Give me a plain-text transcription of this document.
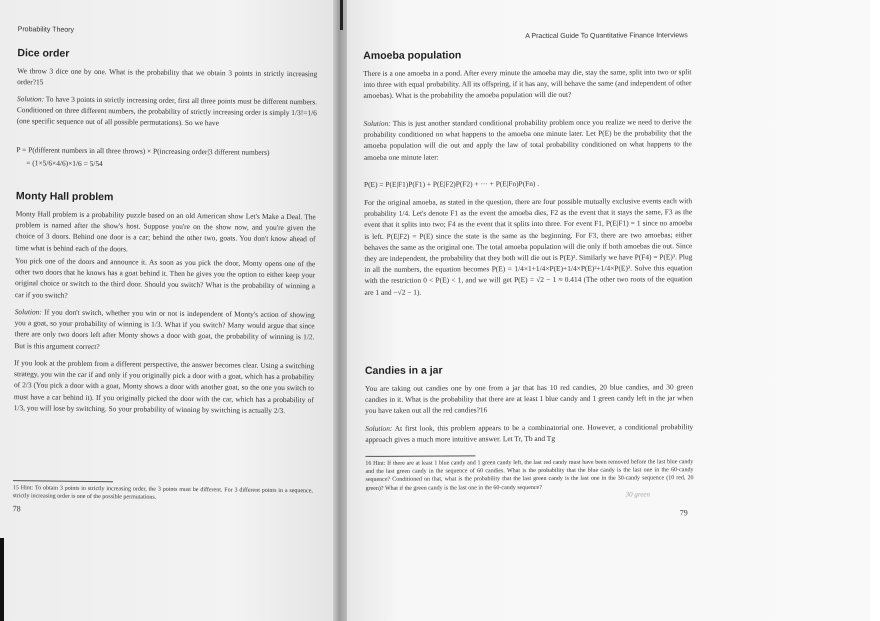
Probability Theory
Dice order

We throw 3 dice one by one. What is the probability that we obtain 3 points in strictly increasing order?15

Solution: To have 3 points in strictly increasing order, first all three points must be different numbers. Conditioned on three different numbers, the probability of strictly increasing order is simply 1/3!=1/6 (one specific sequence out of all possible permutations). So we have

P = P(different numbers in all three throws) × P(increasing order|3 different numbers)

= (1×5/6×4/6)×1/6 = 5/54

Monty Hall problem

Monty Hall problem is a probability puzzle based on an old American show Let's Make a Deal. The problem is named after the show's host. Suppose you're on the show now, and you're given the choice of 3 doors. Behind one door is a car; behind the other two, goats. You don't know ahead of time what is behind each of the doors.

You pick one of the doors and announce it. As soon as you pick the door, Monty opens one of the other two doors that he knows has a goat behind it. Then he gives you the option to either keep your original choice or switch to the third door. Should you switch? What is the probability of winning a car if you switch?

Solution: If you don't switch, whether you win or not is independent of Monty's action of showing you a goat, so your probability of winning is 1/3. What if you switch? Many would argue that since there are only two doors left after Monty shows a door with goat, the probability of winning is 1/2. But is this argument correct?

If you look at the problem from a different perspective, the answer becomes clear. Using a switching strategy, you win the car if and only if you originally pick a door with a goat, which has a probability of 2/3 (You pick a door with a goat, Monty shows a door with another goat, so the one you switch to must have a car behind it). If you originally picked the door with the car, which has a probability of 1/3, you will lose by switching. So your probability of winning by switching is actually 2/3.

15 Hint: To obtain 3 points in strictly increasing order, the 3 points must be different. For 3 different points in a sequence, strictly increasing order is one of the possible permutations.

78
A Practical Guide To Quantitative Finance Interviews
Amoeba population

There is a one amoeba in a pond. After every minute the amoeba may die, stay the same, split into two or split into three with equal probability. All its offspring, if it has any, will behave the same (and independent of other amoebas). What is the probability the amoeba population will die out?

Solution: This is just another standard conditional probability problem once you realize we need to derive the probability conditioned on what happens to the amoeba one minute later. Let P(E) be the probability that the amoeba population will die out and apply the law of total probability conditioned on what happens to the amoeba one minute later:

P(E) = P(E|F1)P(F1) + P(E|F2)P(F2) + ··· + P(E|Fn)P(Fn) .

For the original amoeba, as stated in the question, there are four possible mutually exclusive events each with probability 1/4. Let's denote F1 as the event the amoeba dies, F2 as the event that it stays the same, F3 as the event that it splits into two; F4 as the event that it splits into three. For event F1, P(E|F1) = 1 since no amoeba is left. P(E|F2) = P(E) since the state is the same as the beginning. For F3, there are two amoebas; either behaves the same as the original one. The total amoeba population will die only if both amoebas die out. Since they are independent, the probability that they both will die out is P(E)². Similarly we have P(F4) = P(E)³. Plug in all the numbers, the equation becomes P(E) = 1/4×1+1/4×P(E)+1/4×P(E)²+1/4×P(E)³. Solve this equation with the restriction 0 < P(E) < 1, and we will get P(E) = √2 − 1 ≈ 0.414 (The other two roots of the equation are 1 and −√2 − 1).

Candies in a jar

You are taking out candies one by one from a jar that has 10 red candies, 20 blue candies, and 30 green candies in it. What is the probability that there are at least 1 blue candy and 1 green candy left in the jar when you have taken out all the red candies?16

Solution: At first look, this problem appears to be a combinatorial one. However, a conditional probability approach gives a much more intuitive answer. Let Tr, Tb and Tg

16 Hint: If there are at least 1 blue candy and 1 green candy left, the last red candy must have been removed before the last blue candy and the last green candy in the sequence of 60 candies. What is the probability that the blue candy is the last one in the 60-candy sequence? Conditioned on that, what is the probability that the last green candy is the last one in the 30-candy sequence (10 red, 20 green)? What if the green candy is the last one in the 60-candy sequence?

30 green
79
